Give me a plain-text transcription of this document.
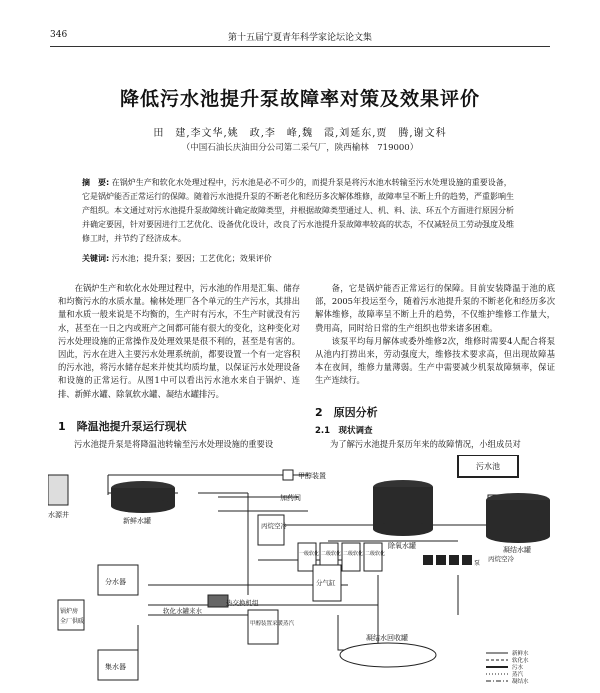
346	第十五届宁夏青年科学家论坛论文集
降低污水池提升泵故障率对策及效果评价
田　建,李文华,姚　政,李　峰,魏　霞,刘延东,贾　腾,谢文科
（中国石油长庆油田分公司第二采气厂，陕西榆林　719000）
摘　要: 在锅炉生产和软化水处理过程中，污水池是必不可少的，而提升泵是将污水池水转输至污水处理设施的重要设备，它是锅炉能否正常运行的保障。随着污水池提升泵的不断老化和经历多次解体维修，故障率呈不断上升的趋势，严重影响生产组织。本文通过对污水池提升泵故障统计确定故障类型，并根据故障类型通过人、机、料、法、环五个方面进行原因分析并确定要因，针对要因进行工艺优化、设备优化设计，改良了污水池提升泵故障率较高的状态，不仅减轻员工劳动强度及维修工时，并节约了经济成本。
关键词: 污水池；提升泵；要因；工艺优化；效果评价

在锅炉生产和软化水处理过程中，污水池的作用是汇集、储存和均衡污水的水质水量。榆林处理厂各个单元的生产污水，其排出量和水质一般来说是不均衡的，生产时有污水，不生产时就没有污水，甚至在一日之内或班产之间都可能有很大的变化，这种变化对污水处理设施的正常操作及处理效果是很不利的，甚至是有害的。因此，污水在进入主要污水处理系统前，都要设置一个有一定容积的污水池，将污水储存起来并使其均质均量，以保证污水处理设备和设施的正常运行。从图1中可以看出污水池水来自于锅炉、连排、新鲜水罐、除氧软水罐、凝结水罐排污。

1　降温池提升泵运行现状
污水池提升泵是将降温池转输至污水处理设施的重要设

备，它是锅炉能否正常运行的保障。目前安装降温于池的底部，2005年投运至今，随着污水池提升泵的不断老化和经历多次解体维修，故障率呈不断上升的趋势，不仅维护维修工作量大，费用高，同时给日常的生产组织也带来诸多困难。

该泵平均每月解体或委外维修2次，维修时需要4人配合将泵从池内打捞出来，劳动强度大，维修技术要求高，但出现故障基本在夜间，维修力量薄弱。生产中需要减少机泵故障频率，保证生产连续行。

2　原因分析
2.1　现状调查
为了解污水池提升泵历年来的故障情况，小组成员对
水源井
新鲜水罐
甲醇装置
加药间
丙烷空冷
一级软化 二级软化 二级软化 二级软化
除氧水罐	凝结水罐
丙烷空冷
污水池
泵
分水器
集水器
锅炉房
全厂供暖
软化水罐来水
热交换机组
分气缸
甲醇装置采暖蒸汽
凝结水回收罐
新鲜水
软化水
污水
蒸汽
凝结水
